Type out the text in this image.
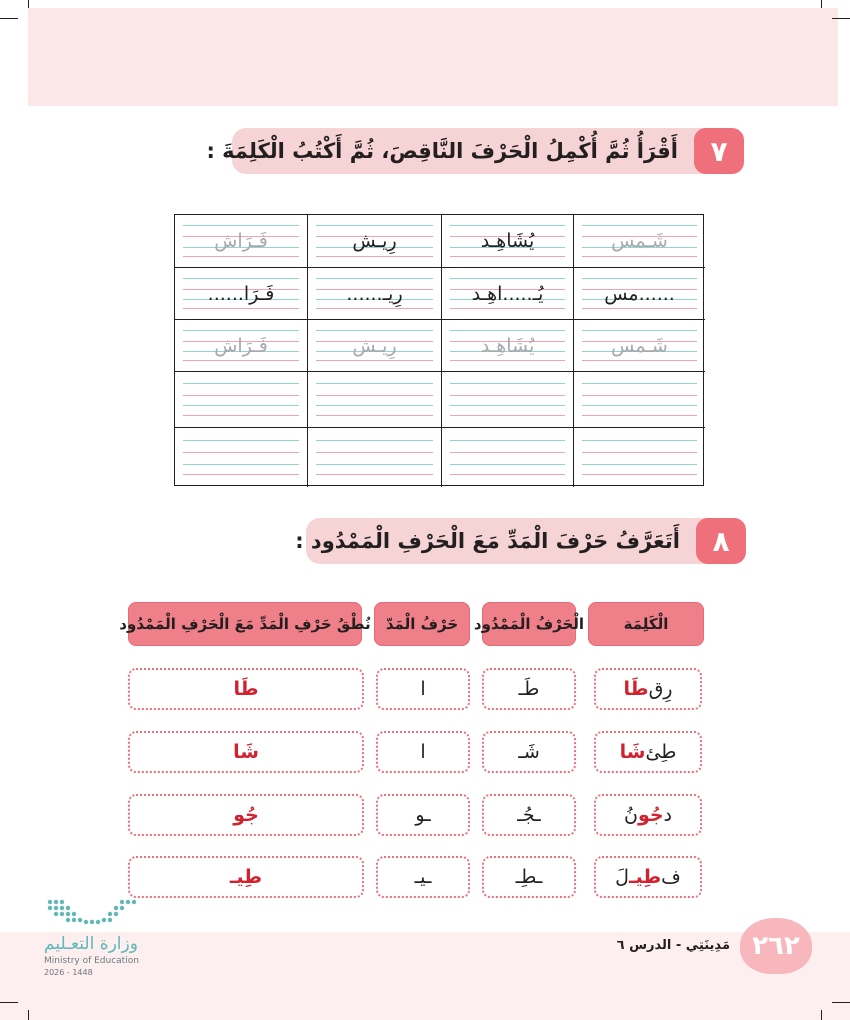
أَقْرَأُ ثُمَّ أُكْمِلُ الْحَرْفَ النَّاقِصَ، ثُمَّ أَكْتُبُ الْكَلِمَةَ :	٧
شَـمس
يُشَاهِـد
رِيـش
فَـرَاش
......مس
يُـ.....اهِـد
رِيـ......
فَـرَا......
شَـمس
يُشَاهِـد
رِيـش
فَـرَاش
أَتَعَرَّفُ حَرْفَ الْمَدِّ مَعَ الْحَرْفِ الْمَمْدُود :	٨
الْكَلِمَة
الْحَرْفُ الْمَمْدُود
حَرْفُ الْمَدّ
نُطْقُ حَرْفِ الْمَدِّ مَعَ الْحَرْفِ الْمَمْدُود
رِق
طَا
طَـ
ا
طَا
طِئ
شَا
شَـ
ا
شَا
د
جُو
نُ
ـجُـ
ـو
جُو
ف
طِيـ
لَ
ـطِـ
ـيـ
طِيـ
٢٦٢
مَدِينَتِي - الدرس ٦
وزارة التعـليم
Ministry of Education
2026 - 1448
